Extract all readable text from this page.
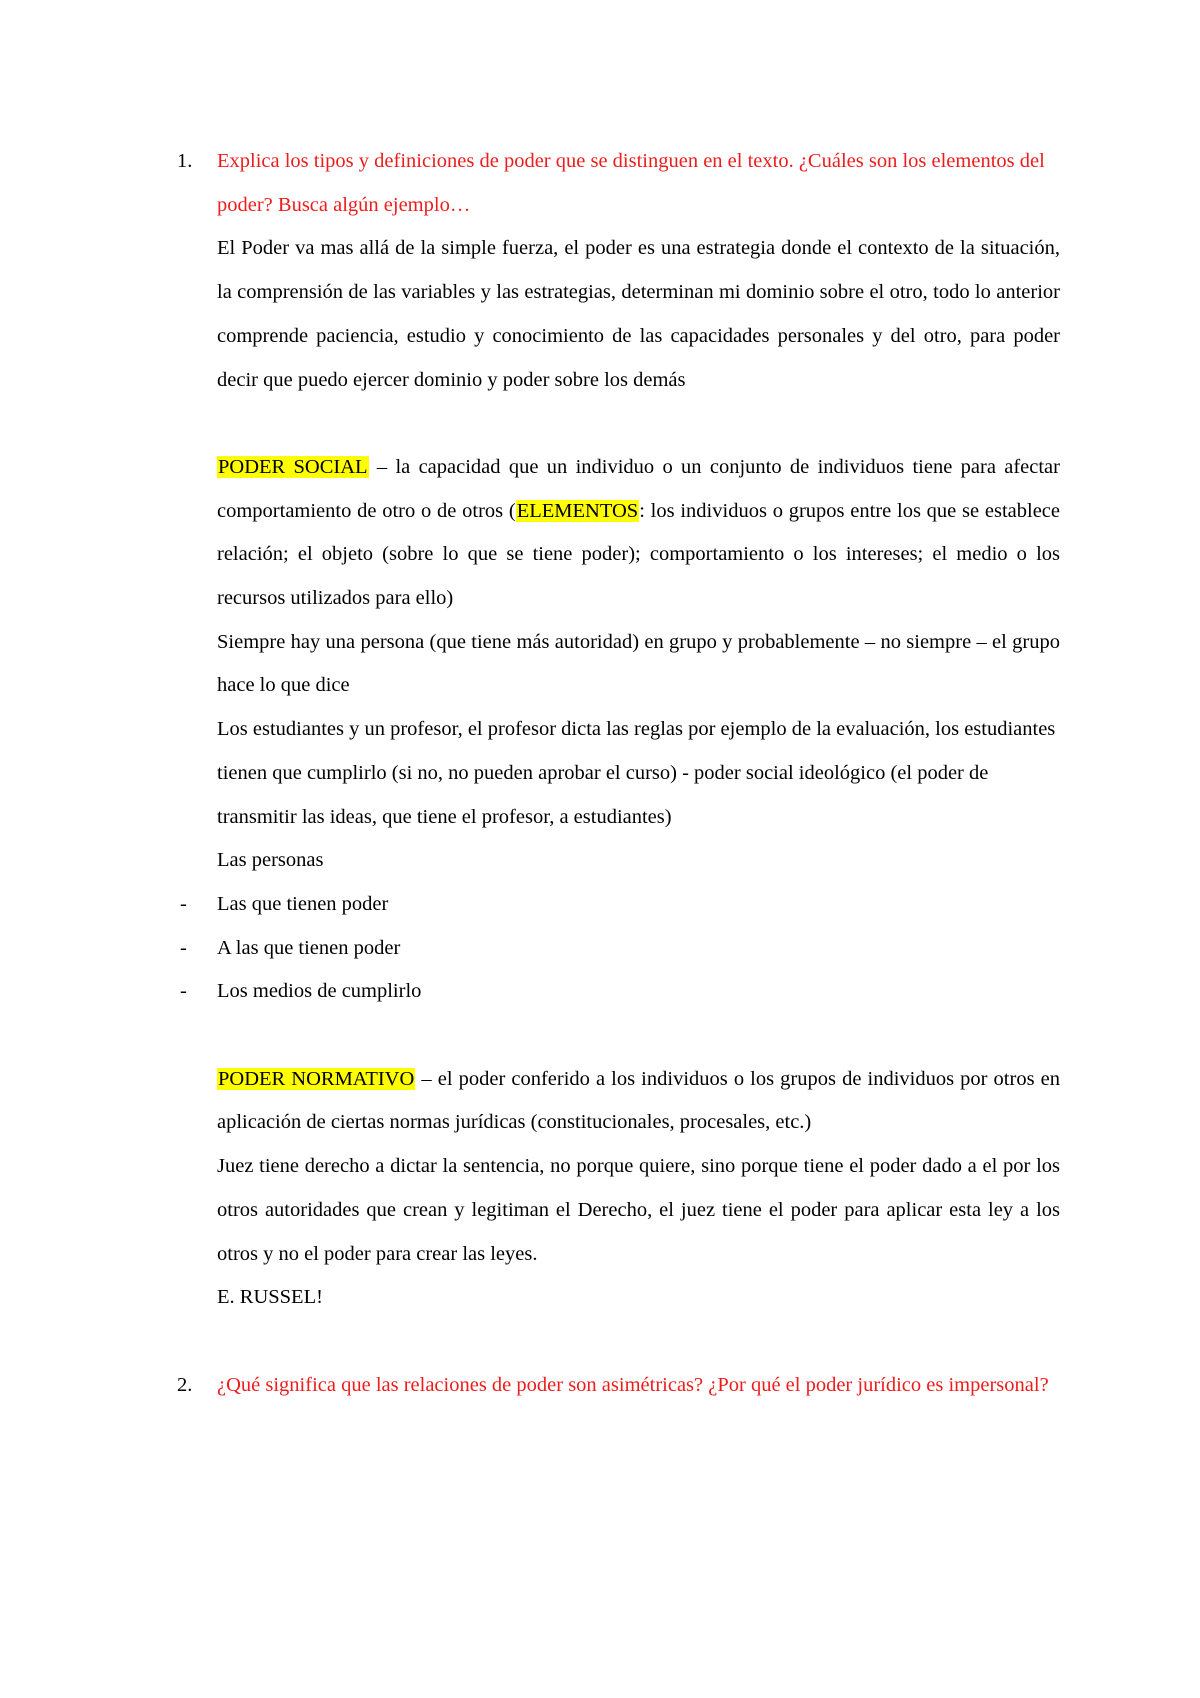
1. Explica los tipos y definiciones de poder que se distinguen en el texto. ¿Cuáles son los elementos del poder? Busca algún ejemplo…

El Poder va mas allá de la simple fuerza, el poder es una estrategia donde el contexto de la situación, la comprensión de las variables y las estrategias, determinan mi dominio sobre el otro, todo lo anterior comprende paciencia, estudio y conocimiento de las capacidades personales y del otro, para poder decir que puedo ejercer dominio y poder sobre los demás

PODER SOCIAL – la capacidad que un individuo o un conjunto de individuos tiene para afectar comportamiento de otro o de otros (ELEMENTOS: los individuos o grupos entre los que se establece relación; el objeto (sobre lo que se tiene poder); comportamiento o los intereses; el medio o los recursos utilizados para ello)

Siempre hay una persona (que tiene más autoridad) en grupo y probablemente – no siempre – el grupo hace lo que dice

Los estudiantes y un profesor, el profesor dicta las reglas por ejemplo de la evaluación, los estudiantes tienen que cumplirlo (si no, no pueden aprobar el curso) - poder social ideológico (el poder de transmitir las ideas, que tiene el profesor, a estudiantes)

Las personas

- Las que tienen poder
- A las que tienen poder
- Los medios de cumplirlo

PODER NORMATIVO – el poder conferido a los individuos o los grupos de individuos por otros en aplicación de ciertas normas jurídicas (constitucionales, procesales, etc.)

Juez tiene derecho a dictar la sentencia, no porque quiere, sino porque tiene el poder dado a el por los otros autoridades que crean y legitiman el Derecho, el juez tiene el poder para aplicar esta ley a los otros y no el poder para crear las leyes.

E. RUSSEL!

2. ¿Qué significa que las relaciones de poder son asimétricas? ¿Por qué el poder jurídico es impersonal?
